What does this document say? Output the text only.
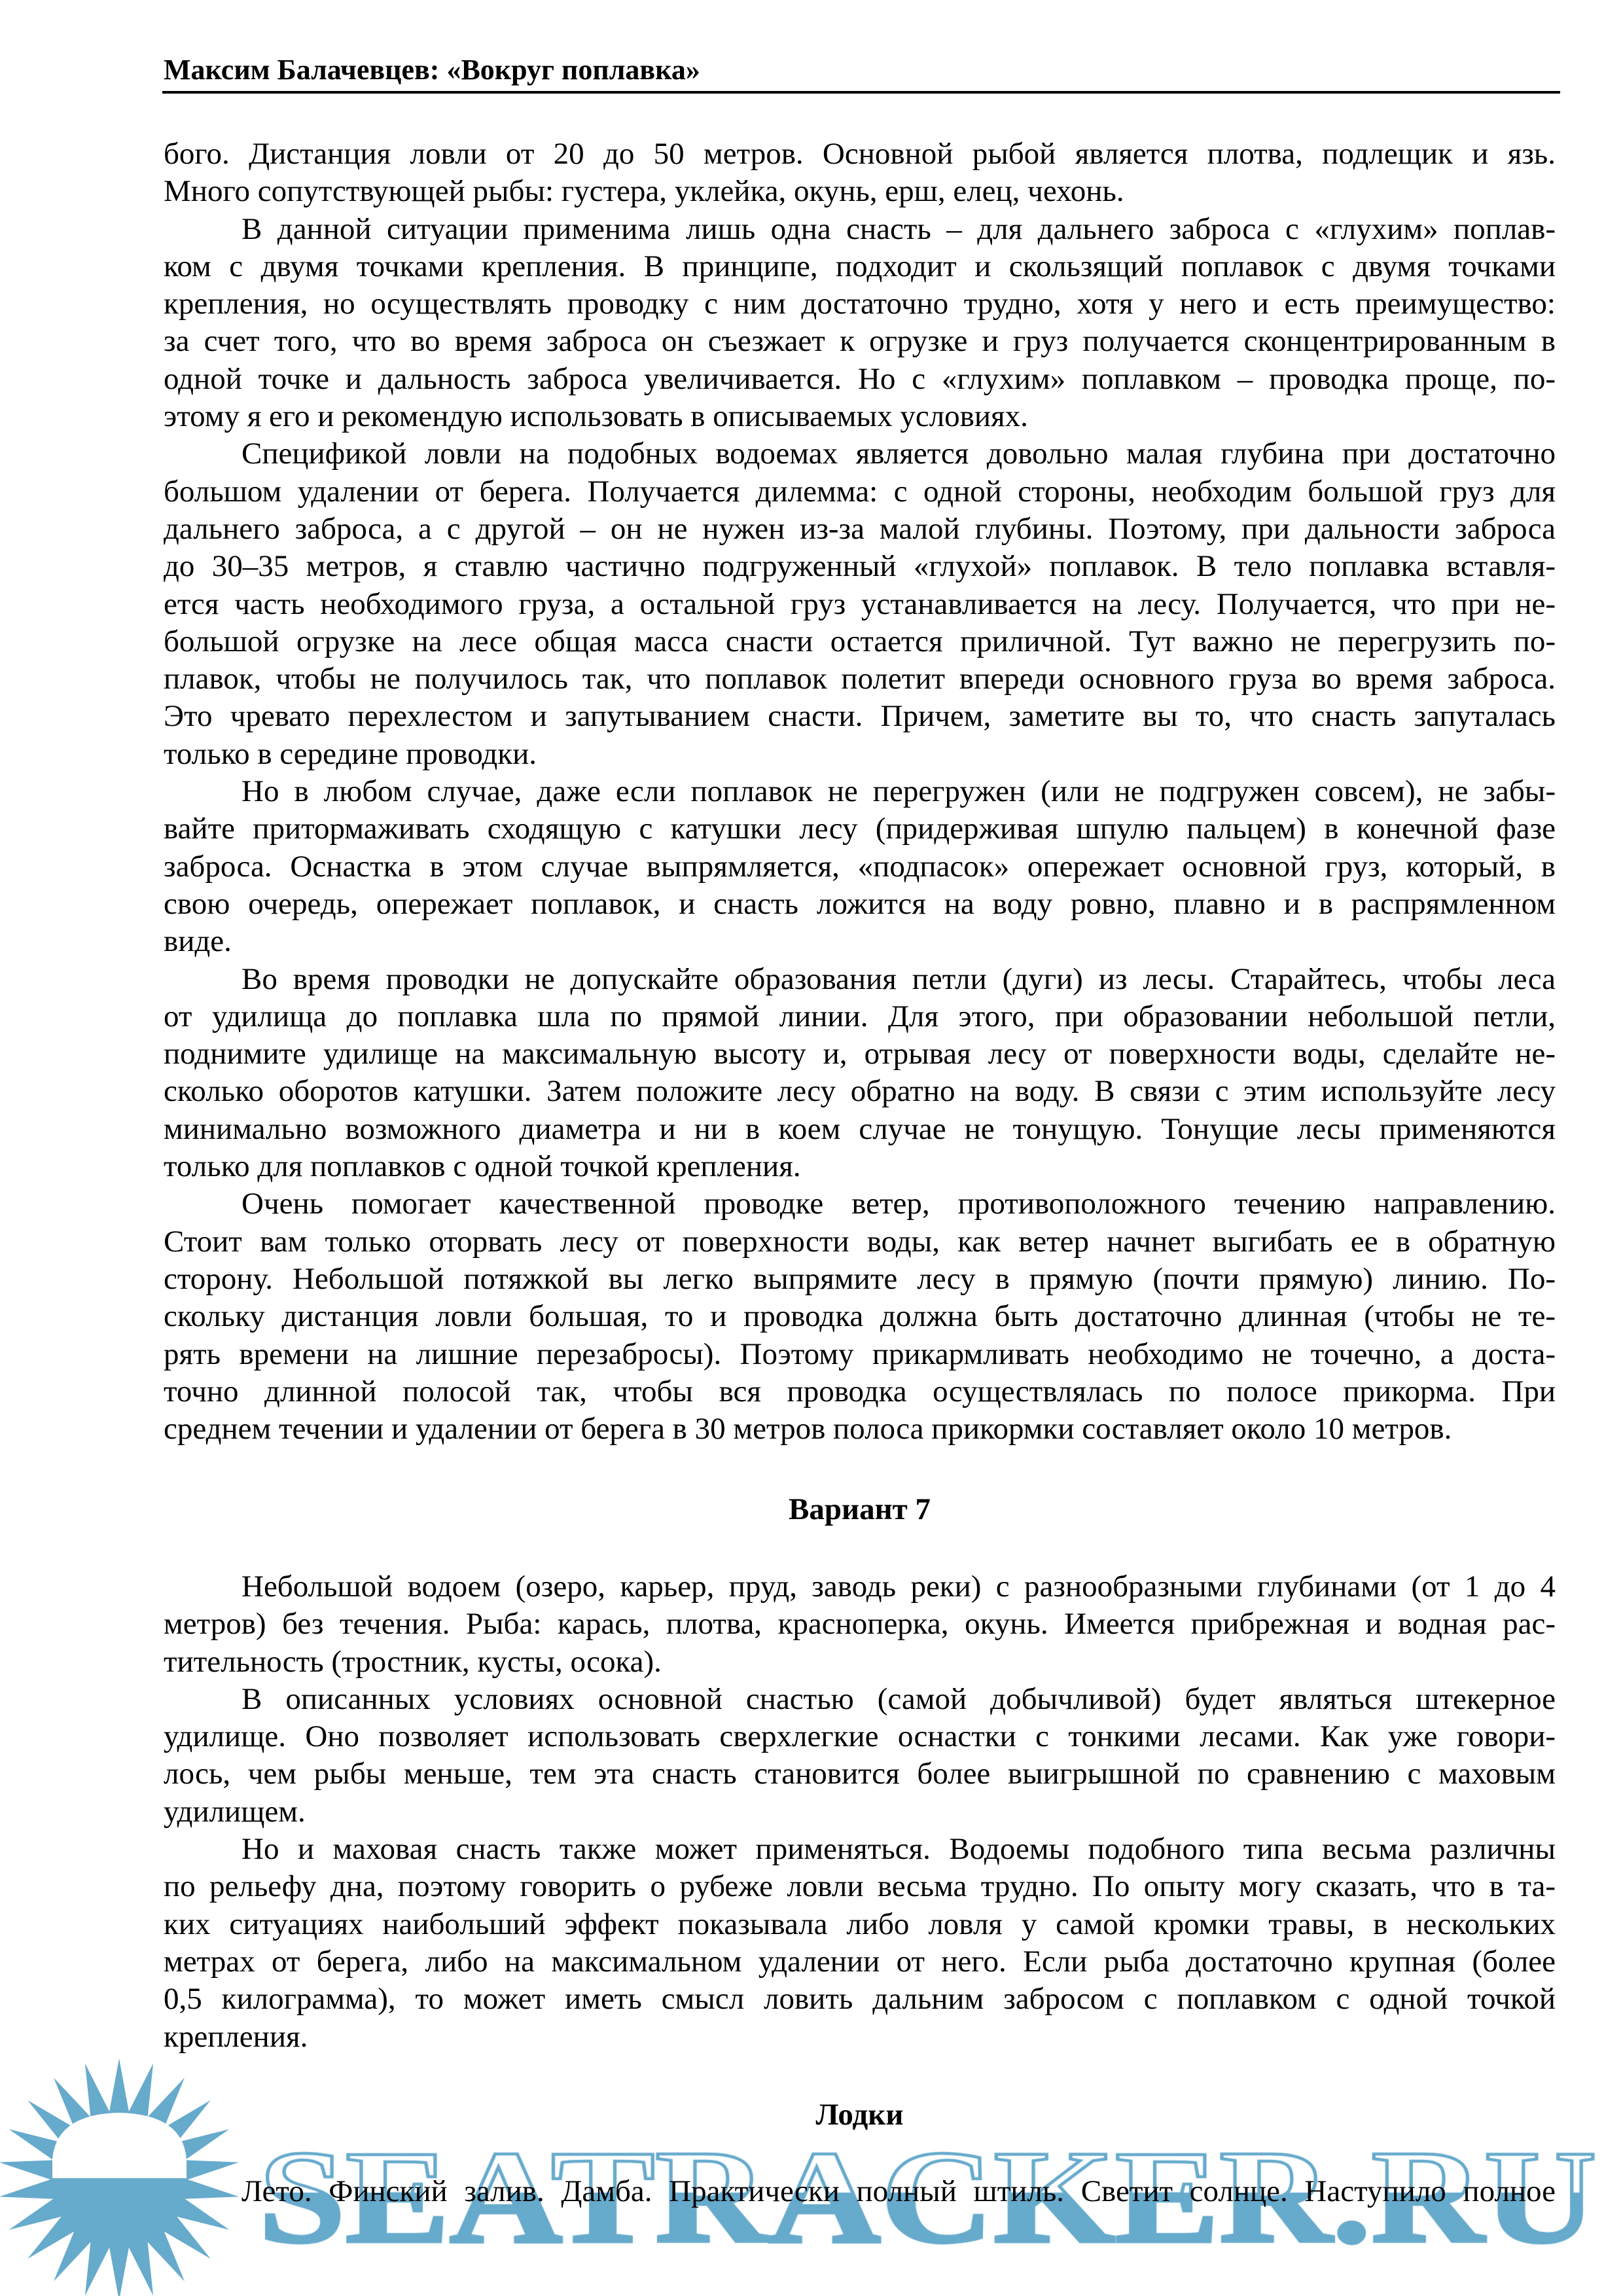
Максим Балачевцев: «Вокруг поплавка»
бого. Дистанция ловли от 20 до 50 метров. Основной рыбой является плотва, подлещик и язь.
Много сопутствующей рыбы: густера, уклейка, окунь, ерш, елец, чехонь.
В данной ситуации применима лишь одна снасть – для дальнего заброса с «глухим» поплав-
ком с двумя точками крепления. В принципе, подходит и скользящий поплавок с двумя точками
крепления, но осуществлять проводку с ним достаточно трудно, хотя у него и есть преимущество:
за счет того, что во время заброса он съезжает к огрузке и груз получается сконцентрированным в
одной точке и дальность заброса увеличивается. Но с «глухим» поплавком – проводка проще, по-
этому я его и рекомендую использовать в описываемых условиях.
Спецификой ловли на подобных водоемах является довольно малая глубина при достаточно
большом удалении от берега. Получается дилемма: с одной стороны, необходим большой груз для
дальнего заброса, а с другой – он не нужен из-за малой глубины. Поэтому, при дальности заброса
до 30–35 метров, я ставлю частично подгруженный «глухой» поплавок. В тело поплавка вставля-
ется часть необходимого груза, а остальной груз устанавливается на лесу. Получается, что при не-
большой огрузке на лесе общая масса снасти остается приличной. Тут важно не перегрузить по-
плавок, чтобы не получилось так, что поплавок полетит впереди основного груза во время заброса.
Это чревато перехлестом и запутыванием снасти. Причем, заметите вы то, что снасть запуталась
только в середине проводки.
Но в любом случае, даже если поплавок не перегружен (или не подгружен совсем), не забы-
вайте притормаживать сходящую с катушки лесу (придерживая шпулю пальцем) в конечной фазе
заброса. Оснастка в этом случае выпрямляется, «подпасок» опережает основной груз, который, в
свою очередь, опережает поплавок, и снасть ложится на воду ровно, плавно и в распрямленном
виде.
Во время проводки не допускайте образования петли (дуги) из лесы. Старайтесь, чтобы леса
от удилища до поплавка шла по прямой линии. Для этого, при образовании небольшой петли,
поднимите удилище на максимальную высоту и, отрывая лесу от поверхности воды, сделайте не-
сколько оборотов катушки. Затем положите лесу обратно на воду. В связи с этим используйте лесу
минимально возможного диаметра и ни в коем случае не тонущую. Тонущие лесы применяются
только для поплавков с одной точкой крепления.
Очень помогает качественной проводке ветер, противоположного течению направлению.
Стоит вам только оторвать лесу от поверхности воды, как ветер начнет выгибать ее в обратную
сторону. Небольшой потяжкой вы легко выпрямите лесу в прямую (почти прямую) линию. По-
скольку дистанция ловли большая, то и проводка должна быть достаточно длинная (чтобы не те-
рять времени на лишние перезабросы). Поэтому прикармливать необходимо не точечно, а доста-
точно длинной полосой так, чтобы вся проводка осуществлялась по полосе прикорма. При
среднем течении и удалении от берега в 30 метров полоса прикормки составляет около 10 метров.
Вариант 7
Небольшой водоем (озеро, карьер, пруд, заводь реки) с разнообразными глубинами (от 1 до 4
метров) без течения. Рыба: карась, плотва, красноперка, окунь. Имеется прибрежная и водная рас-
тительность (тростник, кусты, осока).
В описанных условиях основной снастью (самой добычливой) будет являться штекерное
удилище. Оно позволяет использовать сверхлегкие оснастки с тонкими лесами. Как уже говори-
лось, чем рыбы меньше, тем эта снасть становится более выигрышной по сравнению с маховым
удилищем.
Но и маховая снасть также может применяться. Водоемы подобного типа весьма различны
по рельефу дна, поэтому говорить о рубеже ловли весьма трудно. По опыту могу сказать, что в та-
ких ситуациях наибольший эффект показывала либо ловля у самой кромки травы, в нескольких
метрах от берега, либо на максимальном удалении от него. Если рыба достаточно крупная (более
0,5 килограмма), то может иметь смысл ловить дальним забросом с поплавком с одной точкой
крепления.
Лодки
Лето. Финский залив. Дамба. Практически полный штиль. Светит солнце. Наступило полное
